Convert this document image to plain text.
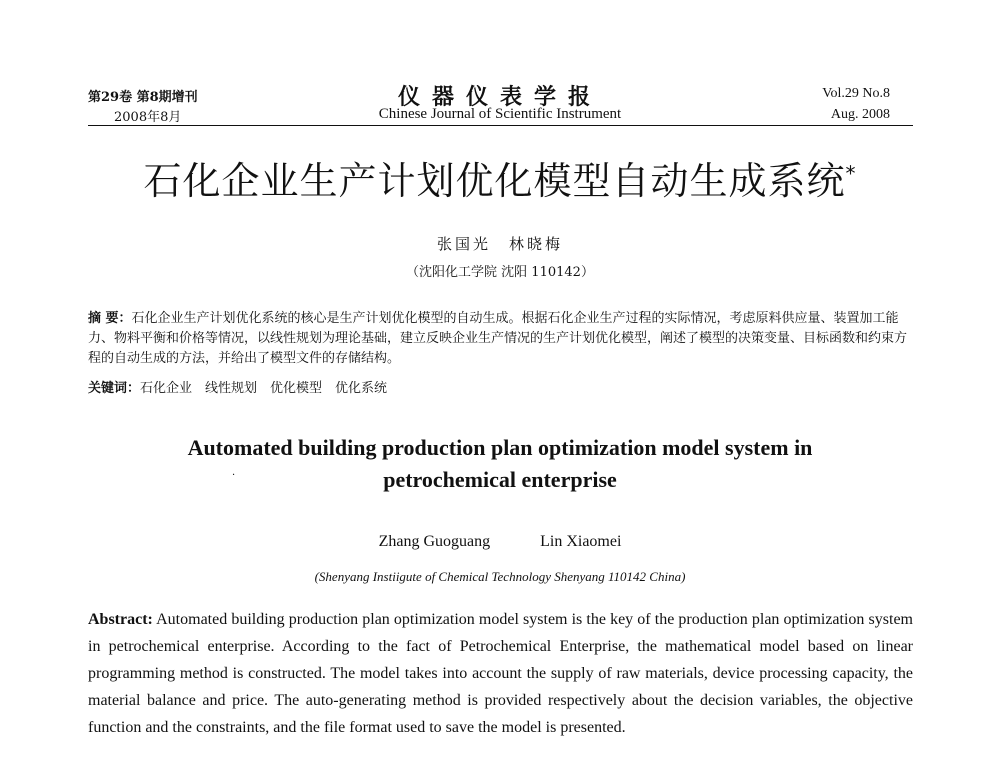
第29卷 第8期增刊
2008年8月
仪器仪表学报
Chinese Journal of Scientific Instrument
Vol.29 No.8
Aug. 2008
石化企业生产计划优化模型自动生成系统*
张国光　林晓梅
（沈阳化工学院 沈阳 110142）
摘 要：石化企业生产计划优化系统的核心是生产计划优化模型的自动生成。根据石化企业生产过程的实际情况，考虑原料供应量、装置加工能力、物料平衡和价格等情况，以线性规划为理论基础，建立反映企业生产情况的生产计划优化模型，阐述了模型的决策变量、目标函数和约束方程的自动生成的方法，并给出了模型文件的存储结构。
关键词：石化企业　线性规划　优化模型　优化系统
Automated building production plan optimization model system in
petrochemical enterprise
·
Zhang Guoguang	Lin Xiaomei
(Shenyang Instiigute of Chemical Technology Shenyang 110142 China)
Abstract: Automated building production plan optimization model system is the key of the production plan optimization system in petrochemical enterprise. According to the fact of Petrochemical Enterprise, the mathematical model based on linear programming method is constructed. The model takes into account the supply of raw materials, device processing capacity, the material balance and price. The auto-generating method is provided respectively about the decision variables, the objective function and the constraints, and the file format used to save the model is presented.
